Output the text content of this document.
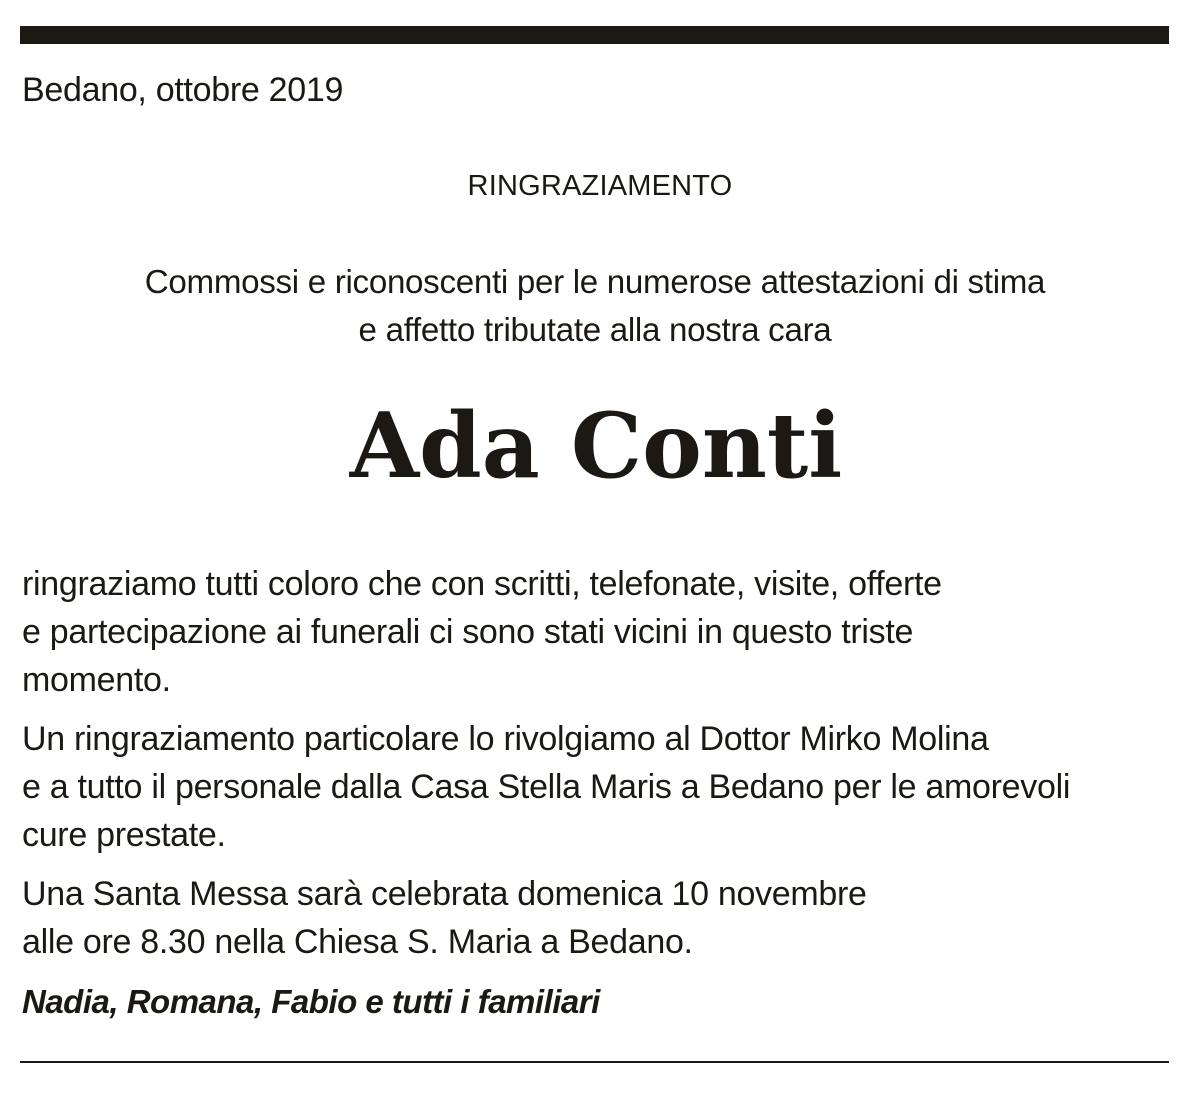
Bedano, ottobre 2019

RINGRAZIAMENTO

Commossi e riconoscenti per le numerose attestazioni di stima

e affetto tributate alla nostra cara

Ada Conti

ringraziamo tutti coloro che con scritti, telefonate, visite, offerte

e partecipazione ai funerali ci sono stati vicini in questo triste

momento.

Un ringraziamento particolare lo rivolgiamo al Dottor Mirko Molina

e a tutto il personale dalla Casa Stella Maris a Bedano per le amorevoli

cure prestate.

Una Santa Messa sarà celebrata domenica 10 novembre

alle ore 8.30 nella Chiesa S. Maria a Bedano.

Nadia, Romana, Fabio e tutti i familiari
